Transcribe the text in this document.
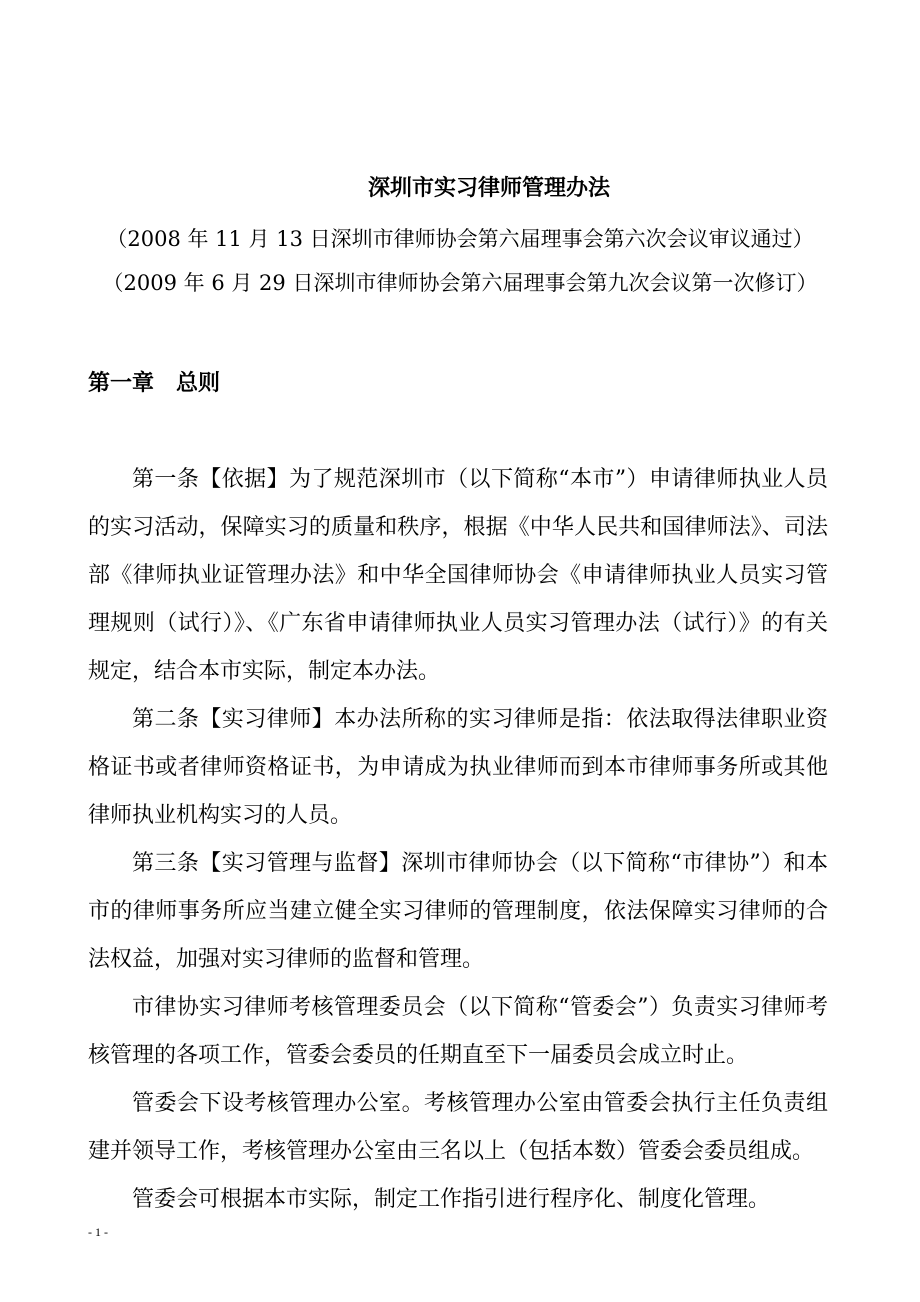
深圳市实习律师管理办法
（2008 年 11 月 13 日深圳市律师协会第六届理事会第六次会议审议通过）
（2009 年 6 月 29 日深圳市律师协会第六届理事会第九次会议第一次修订）
第一章　总则

第一条【依据】为了规范深圳市（以下简称“本市”）申请律师执业人员的实习活动，保障实习的质量和秩序，根据《中华人民共和国律师法》、司法部《律师执业证管理办法》和中华全国律师协会《申请律师执业人员实习管理规则（试行）》、《广东省申请律师执业人员实习管理办法（试行）》的有关规定，结合本市实际，制定本办法。

第二条【实习律师】本办法所称的实习律师是指：依法取得法律职业资格证书或者律师资格证书，为申请成为执业律师而到本市律师事务所或其他律师执业机构实习的人员。

第三条【实习管理与监督】深圳市律师协会（以下简称“市律协”）和本市的律师事务所应当建立健全实习律师的管理制度，依法保障实习律师的合法权益，加强对实习律师的监督和管理。

市律协实习律师考核管理委员会（以下简称“管委会”）负责实习律师考核管理的各项工作，管委会委员的任期直至下一届委员会成立时止。

管委会下设考核管理办公室。考核管理办公室由管委会执行主任负责组建并领导工作，考核管理办公室由三名以上（包括本数）管委会委员组成。

管委会可根据本市实际，制定工作指引进行程序化、制度化管理。

- 1 -
